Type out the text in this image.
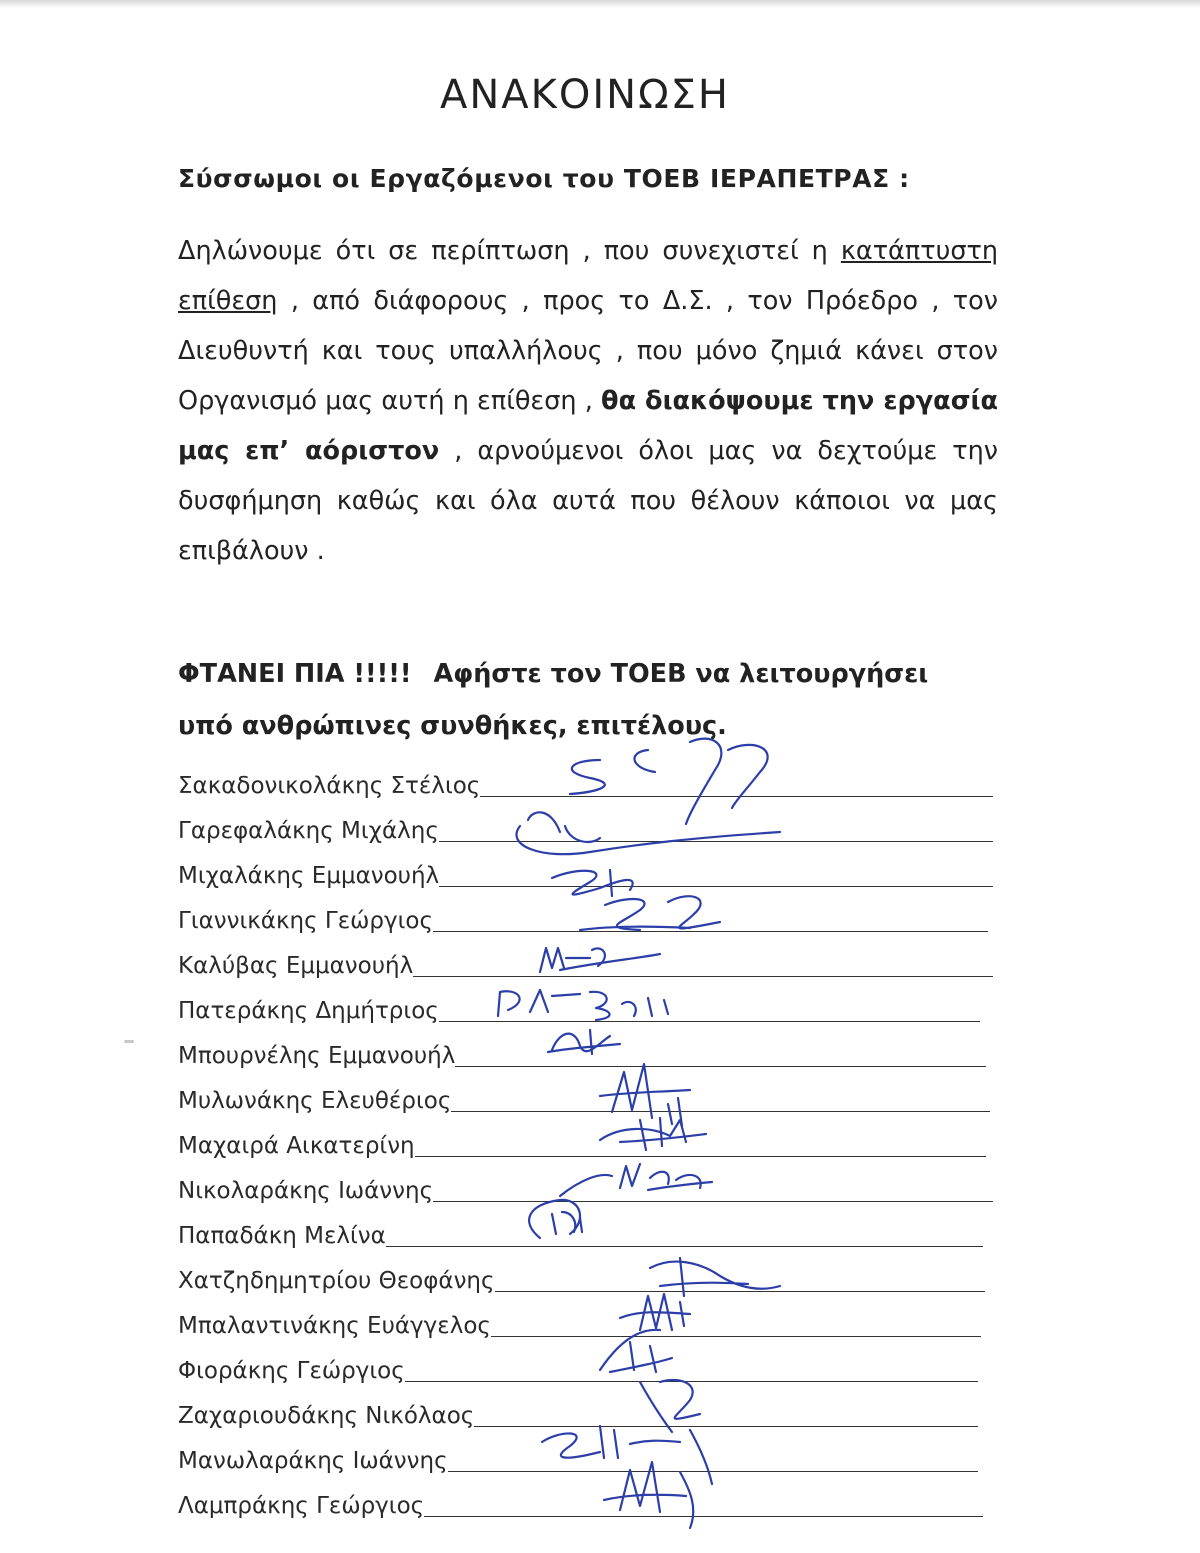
ΑΝΑΚΟΙΝΩΣΗ

Σύσσωμοι οι Εργαζόμενοι του ΤΟΕΒ ΙΕΡΑΠΕΤΡΑΣ :

Δηλώνουμε ότι σε περίπτωση , που συνεχιστεί η κατάπτυστη επίθεση , από διάφορους , προς το Δ.Σ. , τον Πρόεδρο , τον Διευθυντή και τους υπαλλήλους , που μόνο ζημιά κάνει στον Οργανισμό μας αυτή η επίθεση , θα διακόψουμε την εργασία μας επ’ αόριστον , αρνούμενοι όλοι μας να δεχτούμε την δυσφήμηση καθώς και όλα αυτά που θέλουν κάποιοι να μας επιβάλουν .

ΦΤΑΝΕΙ ΠΙΑ !!!!! Αφήστε τον ΤΟΕΒ να λειτουργήσει
υπό ανθρώπινες συνθήκες, επιτέλους.

Σακαδονικολάκης Στέλιος
Γαρεφαλάκης Μιχάλης
Μιχαλάκης Εμμανουήλ
Γιαννικάκης Γεώργιος
Καλύβας Εμμανουήλ
Πατεράκης Δημήτριος
Μπουρνέλης Εμμανουήλ
Μυλωνάκης Ελευθέριος
Μαχαιρά Αικατερίνη
Νικολαράκης Ιωάννης
Παπαδάκη Μελίνα
Χατζηδημητρίου Θεοφάνης
Μπαλαντινάκης Ευάγγελος
Φιοράκης Γεώργιος
Ζαχαριουδάκης Νικόλαος
Μανωλαράκης Ιωάννης
Λαμπράκης Γεώργιος
